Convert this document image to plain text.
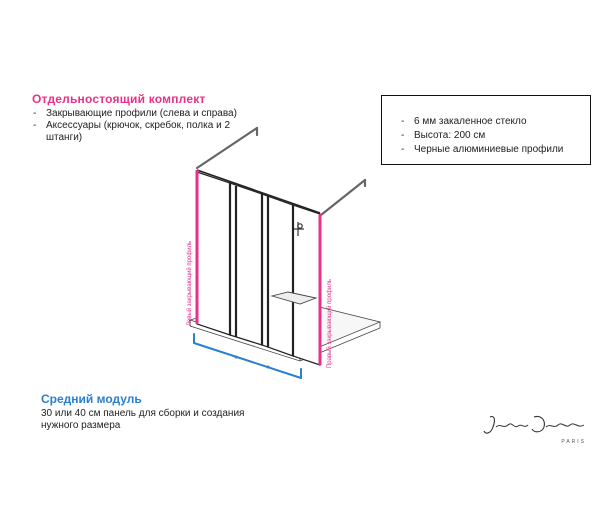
Отдельностоящий комплект
- Закрывающие профили (слева и справа)
- Аксессуары (крючок, скребок, полка и 2 штанги)
- 6 мм закаленное стекло
- Высота: 200 см
- Черные алюминиевые профили
Левый закрывающий профиль	Правый закрывающий профиль
Средний модуль
30 или 40 см панель для сборки и создания нужного размера
PARIS
